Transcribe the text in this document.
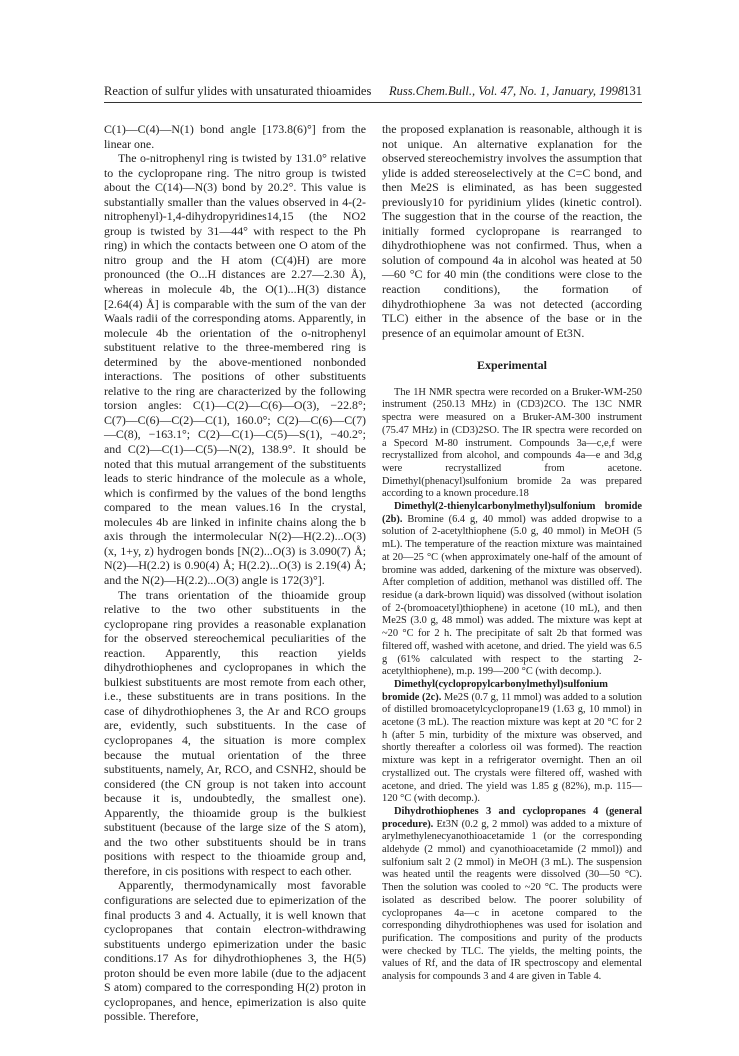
Reaction of sulfur ylides with unsaturated thioamides Russ.Chem.Bull., Vol. 47, No. 1, January, 1998 131

C(1)—C(4)—N(1) bond angle [173.8(6)°] from the linear one.

The o-nitrophenyl ring is twisted by 131.0° relative to the cyclopropane ring. The nitro group is twisted about the C(14)—N(3) bond by 20.2°. This value is substantially smaller than the values observed in 4-(2-nitrophenyl)-1,4-dihydropyridines14,15 (the NO2 group is twisted by 31—44° with respect to the Ph ring) in which the contacts between one O atom of the nitro group and the H atom (C(4)H) are more pronounced (the O...H distances are 2.27—2.30 Å), whereas in molecule 4b, the O(1)...H(3) distance [2.64(4) Å] is comparable with the sum of the van der Waals radii of the corresponding atoms. Apparently, in molecule 4b the orientation of the o-nitrophenyl substituent relative to the three-membered ring is determined by the above-mentioned nonbonded interactions. The positions of other substituents relative to the ring are characterized by the following torsion angles: C(1)—C(2)—C(6)—O(3), −22.8°; C(7)—C(6)—C(2)—C(1), 160.0°; C(2)—C(6)—C(7)—C(8), −163.1°; C(2)—C(1)—C(5)—S(1), −40.2°; and C(2)—C(1)—C(5)—N(2), 138.9°. It should be noted that this mutual arrangement of the substituents leads to steric hindrance of the molecule as a whole, which is confirmed by the values of the bond lengths compared to the mean values.16 In the crystal, molecules 4b are linked in infinite chains along the b axis through the intermolecular N(2)—H(2.2)...O(3) (x, 1+y, z) hydrogen bonds [N(2)...O(3) is 3.090(7) Å; N(2)—H(2.2) is 0.90(4) Å; H(2.2)...O(3) is 2.19(4) Å; and the N(2)—H(2.2)...O(3) angle is 172(3)°].

The trans orientation of the thioamide group relative to the two other substituents in the cyclopropane ring provides a reasonable explanation for the observed stereochemical peculiarities of the reaction. Apparently, this reaction yields dihydrothiophenes and cyclopropanes in which the bulkiest substituents are most remote from each other, i.e., these substituents are in trans positions. In the case of dihydrothiophenes 3, the Ar and RCO groups are, evidently, such substituents. In the case of cyclopropanes 4, the situation is more complex because the mutual orientation of the three substituents, namely, Ar, RCO, and CSNH2, should be considered (the CN group is not taken into account because it is, undoubtedly, the smallest one). Apparently, the thioamide group is the bulkiest substituent (because of the large size of the S atom), and the two other substituents should be in trans positions with respect to the thioamide group and, therefore, in cis positions with respect to each other.

Apparently, thermodynamically most favorable configurations are selected due to epimerization of the final products 3 and 4. Actually, it is well known that cyclopropanes that contain electron-withdrawing substituents undergo epimerization under the basic conditions.17 As for dihydrothiophenes 3, the H(5) proton should be even more labile (due to the adjacent S atom) compared to the corresponding H(2) proton in cyclopropanes, and hence, epimerization is also quite possible. Therefore,

the proposed explanation is reasonable, although it is not unique. An alternative explanation for the observed stereochemistry involves the assumption that ylide is added stereoselectively at the C=C bond, and then Me2S is eliminated, as has been suggested previously10 for pyridinium ylides (kinetic control). The suggestion that in the course of the reaction, the initially formed cyclopropane is rearranged to dihydrothiophene was not confirmed. Thus, when a solution of compound 4a in alcohol was heated at 50—60 °C for 40 min (the conditions were close to the reaction conditions), the formation of dihydrothiophene 3a was not detected (according TLC) either in the absence of the base or in the presence of an equimolar amount of Et3N.

Experimental

The 1H NMR spectra were recorded on a Bruker-WM-250 instrument (250.13 MHz) in (CD3)2CO. The 13C NMR spectra were measured on a Bruker-AM-300 instrument (75.47 MHz) in (CD3)2SO. The IR spectra were recorded on a Specord M-80 instrument. Compounds 3a—c,e,f were recrystallized from alcohol, and compounds 4a—e and 3d,g were recrystallized from acetone. Dimethyl(phenacyl)sulfonium bromide 2a was prepared according to a known procedure.18

Dimethyl(2-thienylcarbonylmethyl)sulfonium bromide (2b). Bromine (6.4 g, 40 mmol) was added dropwise to a solution of 2-acetylthiophene (5.0 g, 40 mmol) in MeOH (5 mL). The temperature of the reaction mixture was maintained at 20—25 °C (when approximately one-half of the amount of bromine was added, darkening of the mixture was observed). After completion of addition, methanol was distilled off. The residue (a dark-brown liquid) was dissolved (without isolation of 2-(bromoacetyl)thiophene) in acetone (10 mL), and then Me2S (3.0 g, 48 mmol) was added. The mixture was kept at ~20 °C for 2 h. The precipitate of salt 2b that formed was filtered off, washed with acetone, and dried. The yield was 6.5 g (61% calculated with respect to the starting 2-acetylthiophene), m.p. 199—200 °C (with decomp.).

Dimethyl(cyclopropylcarbonylmethyl)sulfonium bromide (2c). Me2S (0.7 g, 11 mmol) was added to a solution of distilled bromoacetylcyclopropane19 (1.63 g, 10 mmol) in acetone (3 mL). The reaction mixture was kept at 20 °C for 2 h (after 5 min, turbidity of the mixture was observed, and shortly thereafter a colorless oil was formed). The reaction mixture was kept in a refrigerator overnight. Then an oil crystallized out. The crystals were filtered off, washed with acetone, and dried. The yield was 1.85 g (82%), m.p. 115—120 °C (with decomp.).

Dihydrothiophenes 3 and cyclopropanes 4 (general procedure). Et3N (0.2 g, 2 mmol) was added to a mixture of arylmethylenecyanothioacetamide 1 (or the corresponding aldehyde (2 mmol) and cyanothioacetamide (2 mmol)) and sulfonium salt 2 (2 mmol) in MeOH (3 mL). The suspension was heated until the reagents were dissolved (30—50 °C). Then the solution was cooled to ~20 °C. The products were isolated as described below. The poorer solubility of cyclopropanes 4a—c in acetone compared to the corresponding dihydrothiophenes was used for isolation and purification. The compositions and purity of the products were checked by TLC. The yields, the melting points, the values of Rf, and the data of IR spectroscopy and elemental analysis for compounds 3 and 4 are given in Table 4.
